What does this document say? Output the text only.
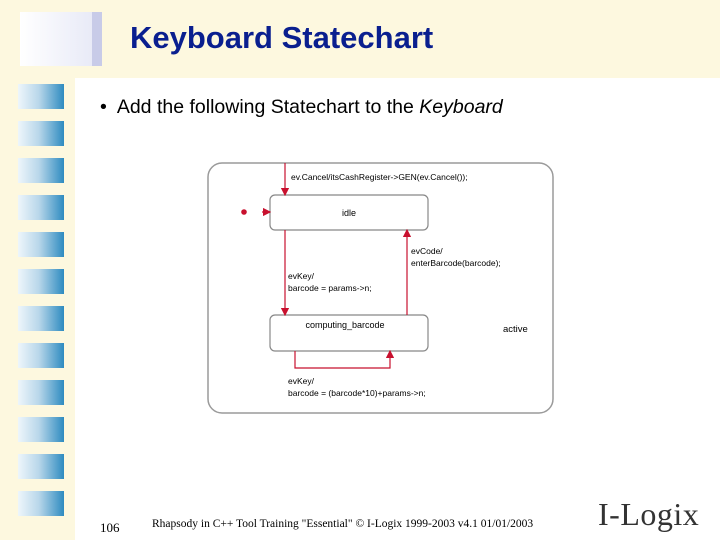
Keyboard Statechart
• Add the following Statechart to the Keyboard
idle
computing_barcode	active
ev.Cancel/itsCashRegister->GEN(ev.Cancel());
evKey/
barcode = params->n;
evCode/
enterBarcode(barcode);
evKey/
barcode = (barcode*10)+params->n;
106	Rhapsody in C++ Tool Training "Essential" © I-Logix 1999-2003 v4.1 01/01/2003 I-Logix
